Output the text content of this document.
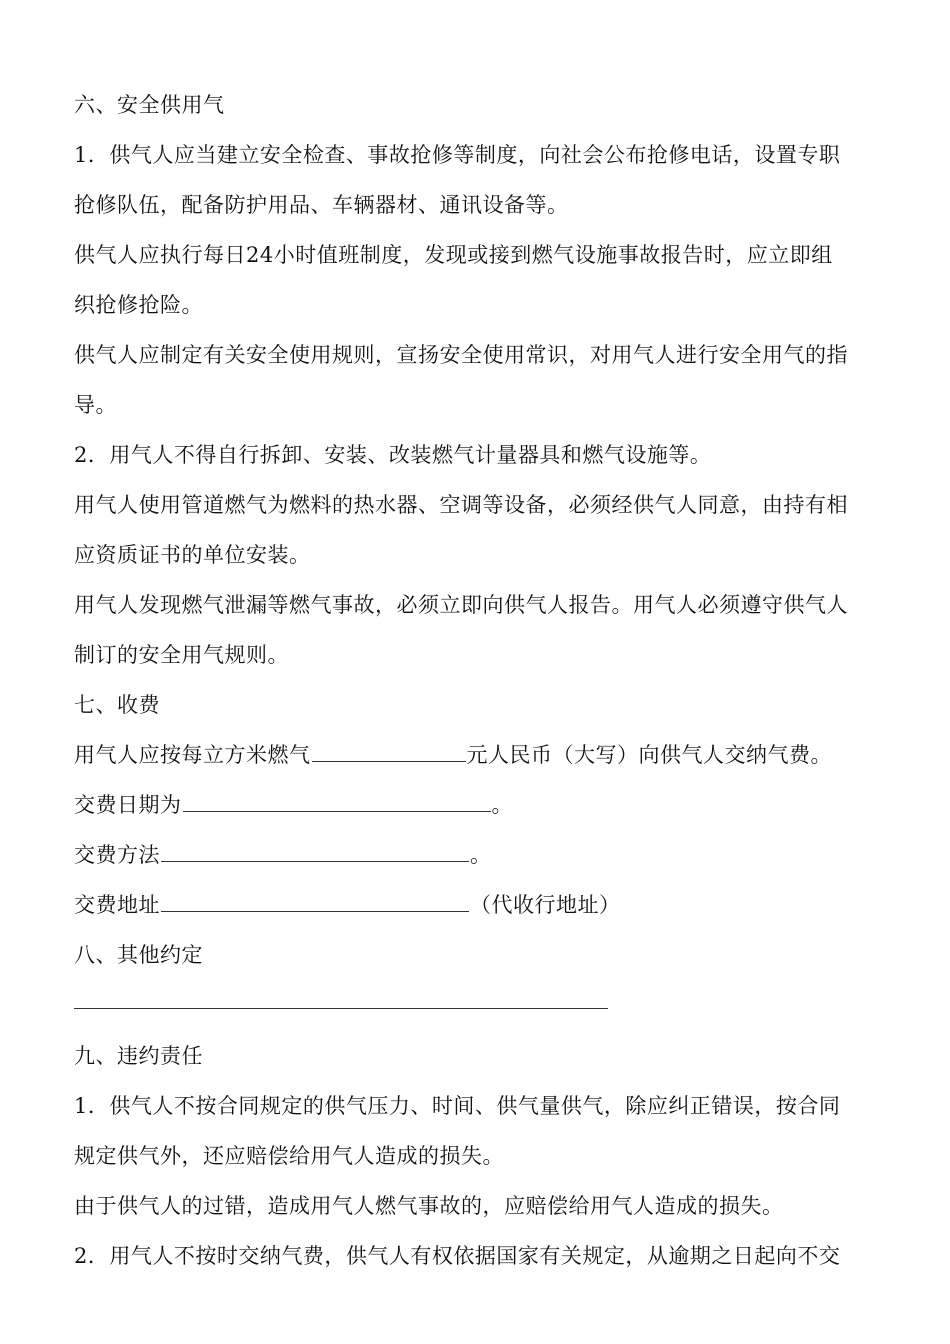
六、安全供用气
1．供气人应当建立安全检查、事故抢修等制度，向社会公布抢修电话，设置专职
抢修队伍，配备防护用品、车辆器材、通讯设备等。
供气人应执行每日24小时值班制度，发现或接到燃气设施事故报告时，应立即组
织抢修抢险。
供气人应制定有关安全使用规则，宣扬安全使用常识，对用气人进行安全用气的指
导。
2．用气人不得自行拆卸、安装、改装燃气计量器具和燃气设施等。
用气人使用管道燃气为燃料的热水器、空调等设备，必须经供气人同意，由持有相
应资质证书的单位安装。
用气人发现燃气泄漏等燃气事故，必须立即向供气人报告。用气人必须遵守供气人
制订的安全用气规则。
七、收费
用气人应按每立方米燃气	元人民币（大写）向供气人交纳气费。
交费日期为	。
交费方法	。
交费地址	（代收行地址）
八、其他约定
九、违约责任
1．供气人不按合同规定的供气压力、时间、供气量供气，除应纠正错误，按合同
规定供气外，还应赔偿给用气人造成的损失。
由于供气人的过错，造成用气人燃气事故的，应赔偿给用气人造成的损失。
2．用气人不按时交纳气费，供气人有权依据国家有关规定，从逾期之日起向不交
